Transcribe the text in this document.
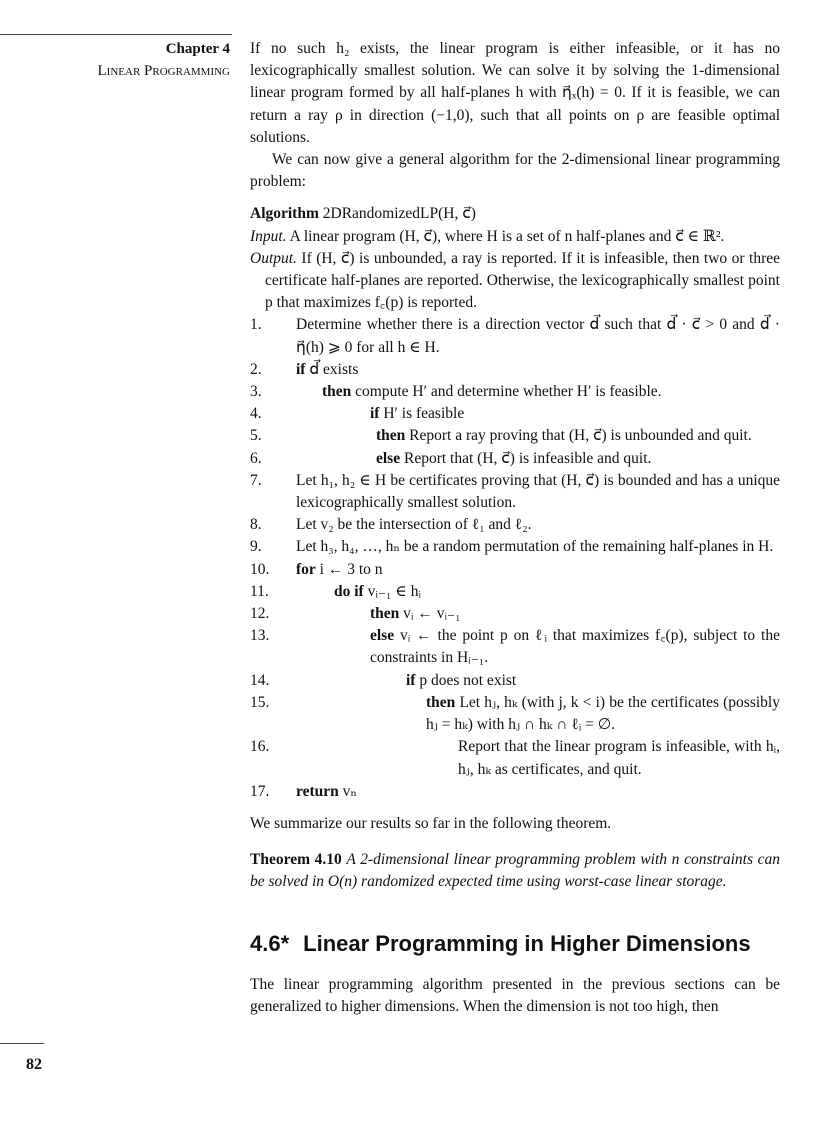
Chapter 4
Linear Programming
82

If no such h₂ exists, the linear program is either infeasible, or it has no lexicographically smallest solution. We can solve it by solving the 1-dimensional linear program formed by all half-planes h with η⃗ₓ(h) = 0. If it is feasible, we can return a ray ρ in direction (−1,0), such that all points on ρ are feasible optimal solutions.

We can now give a general algorithm for the 2-dimensional linear programming problem:

Algorithm 2DRandomizedLP(H, c⃗)
Input. A linear program (H, c⃗), where H is a set of n half-planes and c⃗ ∈ ℝ².
Output. If (H, c⃗) is unbounded, a ray is reported. If it is infeasible, then two or three certificate half-planes are reported. Otherwise, the lexicographically smallest point p that maximizes f꜀(p) is reported.
1.	Determine whether there is a direction vector d⃗ such that d⃗ · c⃗ > 0 and d⃗ · η⃗(h) ⩾ 0 for all h ∈ H.
2.	if d⃗ exists
3.	then compute H′ and determine whether H′ is feasible.
4.	if H′ is feasible
5.	then Report a ray proving that (H, c⃗) is unbounded and quit.
6.	else Report that (H, c⃗) is infeasible and quit.
7.	Let h₁, h₂ ∈ H be certificates proving that (H, c⃗) is bounded and has a unique lexicographically smallest solution.
8.	Let v₂ be the intersection of ℓ₁ and ℓ₂.
9.	Let h₃, h₄, …, hₙ be a random permutation of the remaining half-planes in H.
10.	for i ← 3 to n
11.	do if vᵢ₋₁ ∈ hᵢ
12.	then vᵢ ← vᵢ₋₁
13.	else vᵢ ← the point p on ℓᵢ that maximizes f꜀(p), subject to the constraints in Hᵢ₋₁.
14.	if p does not exist
15.	then Let hⱼ, hₖ (with j, k < i) be the certificates (possibly hⱼ = hₖ) with hⱼ ∩ hₖ ∩ ℓᵢ = ∅.
16.	Report that the linear program is infeasible, with hᵢ, hⱼ, hₖ as certificates, and quit.
17.	return vₙ

We summarize our results so far in the following theorem.

Theorem 4.10 A 2-dimensional linear programming problem with n constraints can be solved in O(n) randomized expected time using worst-case linear storage.

4.6* Linear Programming in Higher Dimensions

The linear programming algorithm presented in the previous sections can be generalized to higher dimensions. When the dimension is not too high, then
